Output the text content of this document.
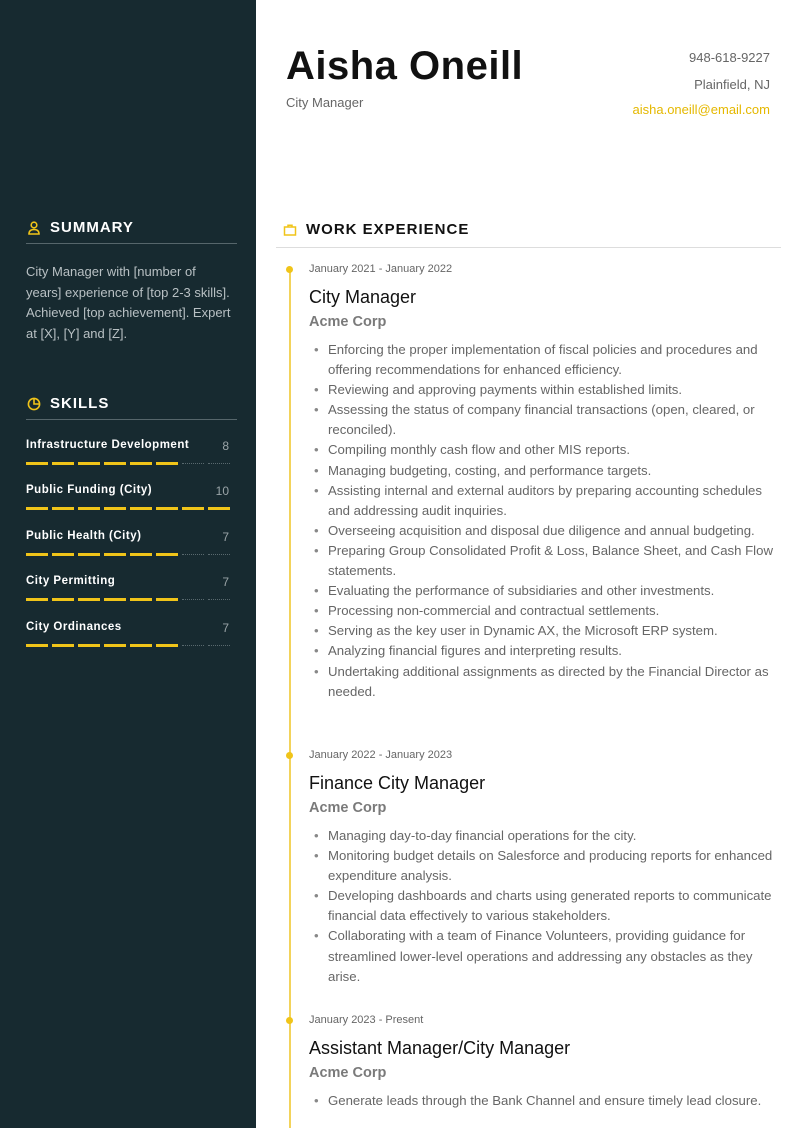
SUMMARY
City Manager with [number of years] experience of [top 2-3 skills]. Achieved [top achievement]. Expert at [X], [Y] and [Z].
SKILLS
Infrastructure Development	8
Public Funding (City)	10
Public Health (City)	7
City Permitting	7
City Ordinances	7
Aisha Oneill
City Manager
948-618-9227
Plainfield, NJ
aisha.oneill@email.com
WORK EXPERIENCE
January 2021 - January 2022
City Manager
Acme Corp
• Enforcing the proper implementation of fiscal policies and procedures and offering recommendations for enhanced efficiency.
• Reviewing and approving payments within established limits.
• Assessing the status of company financial transactions (open, cleared, or reconciled).
• Compiling monthly cash flow and other MIS reports.
• Managing budgeting, costing, and performance targets.
• Assisting internal and external auditors by preparing accounting schedules and addressing audit inquiries.
• Overseeing acquisition and disposal due diligence and annual budgeting.
• Preparing Group Consolidated Profit & Loss, Balance Sheet, and Cash Flow statements.
• Evaluating the performance of subsidiaries and other investments.
• Processing non-commercial and contractual settlements.
• Serving as the key user in Dynamic AX, the Microsoft ERP system.
• Analyzing financial figures and interpreting results.
• Undertaking additional assignments as directed by the Financial Director as needed.
January 2022 - January 2023
Finance City Manager
Acme Corp
• Managing day-to-day financial operations for the city.
• Monitoring budget details on Salesforce and producing reports for enhanced expenditure analysis.
• Developing dashboards and charts using generated reports to communicate financial data effectively to various stakeholders.
• Collaborating with a team of Finance Volunteers, providing guidance for streamlined lower-level operations and addressing any obstacles as they arise.
January 2023 - Present
Assistant Manager/City Manager
Acme Corp
• Generate leads through the Bank Channel and ensure timely lead closure.
